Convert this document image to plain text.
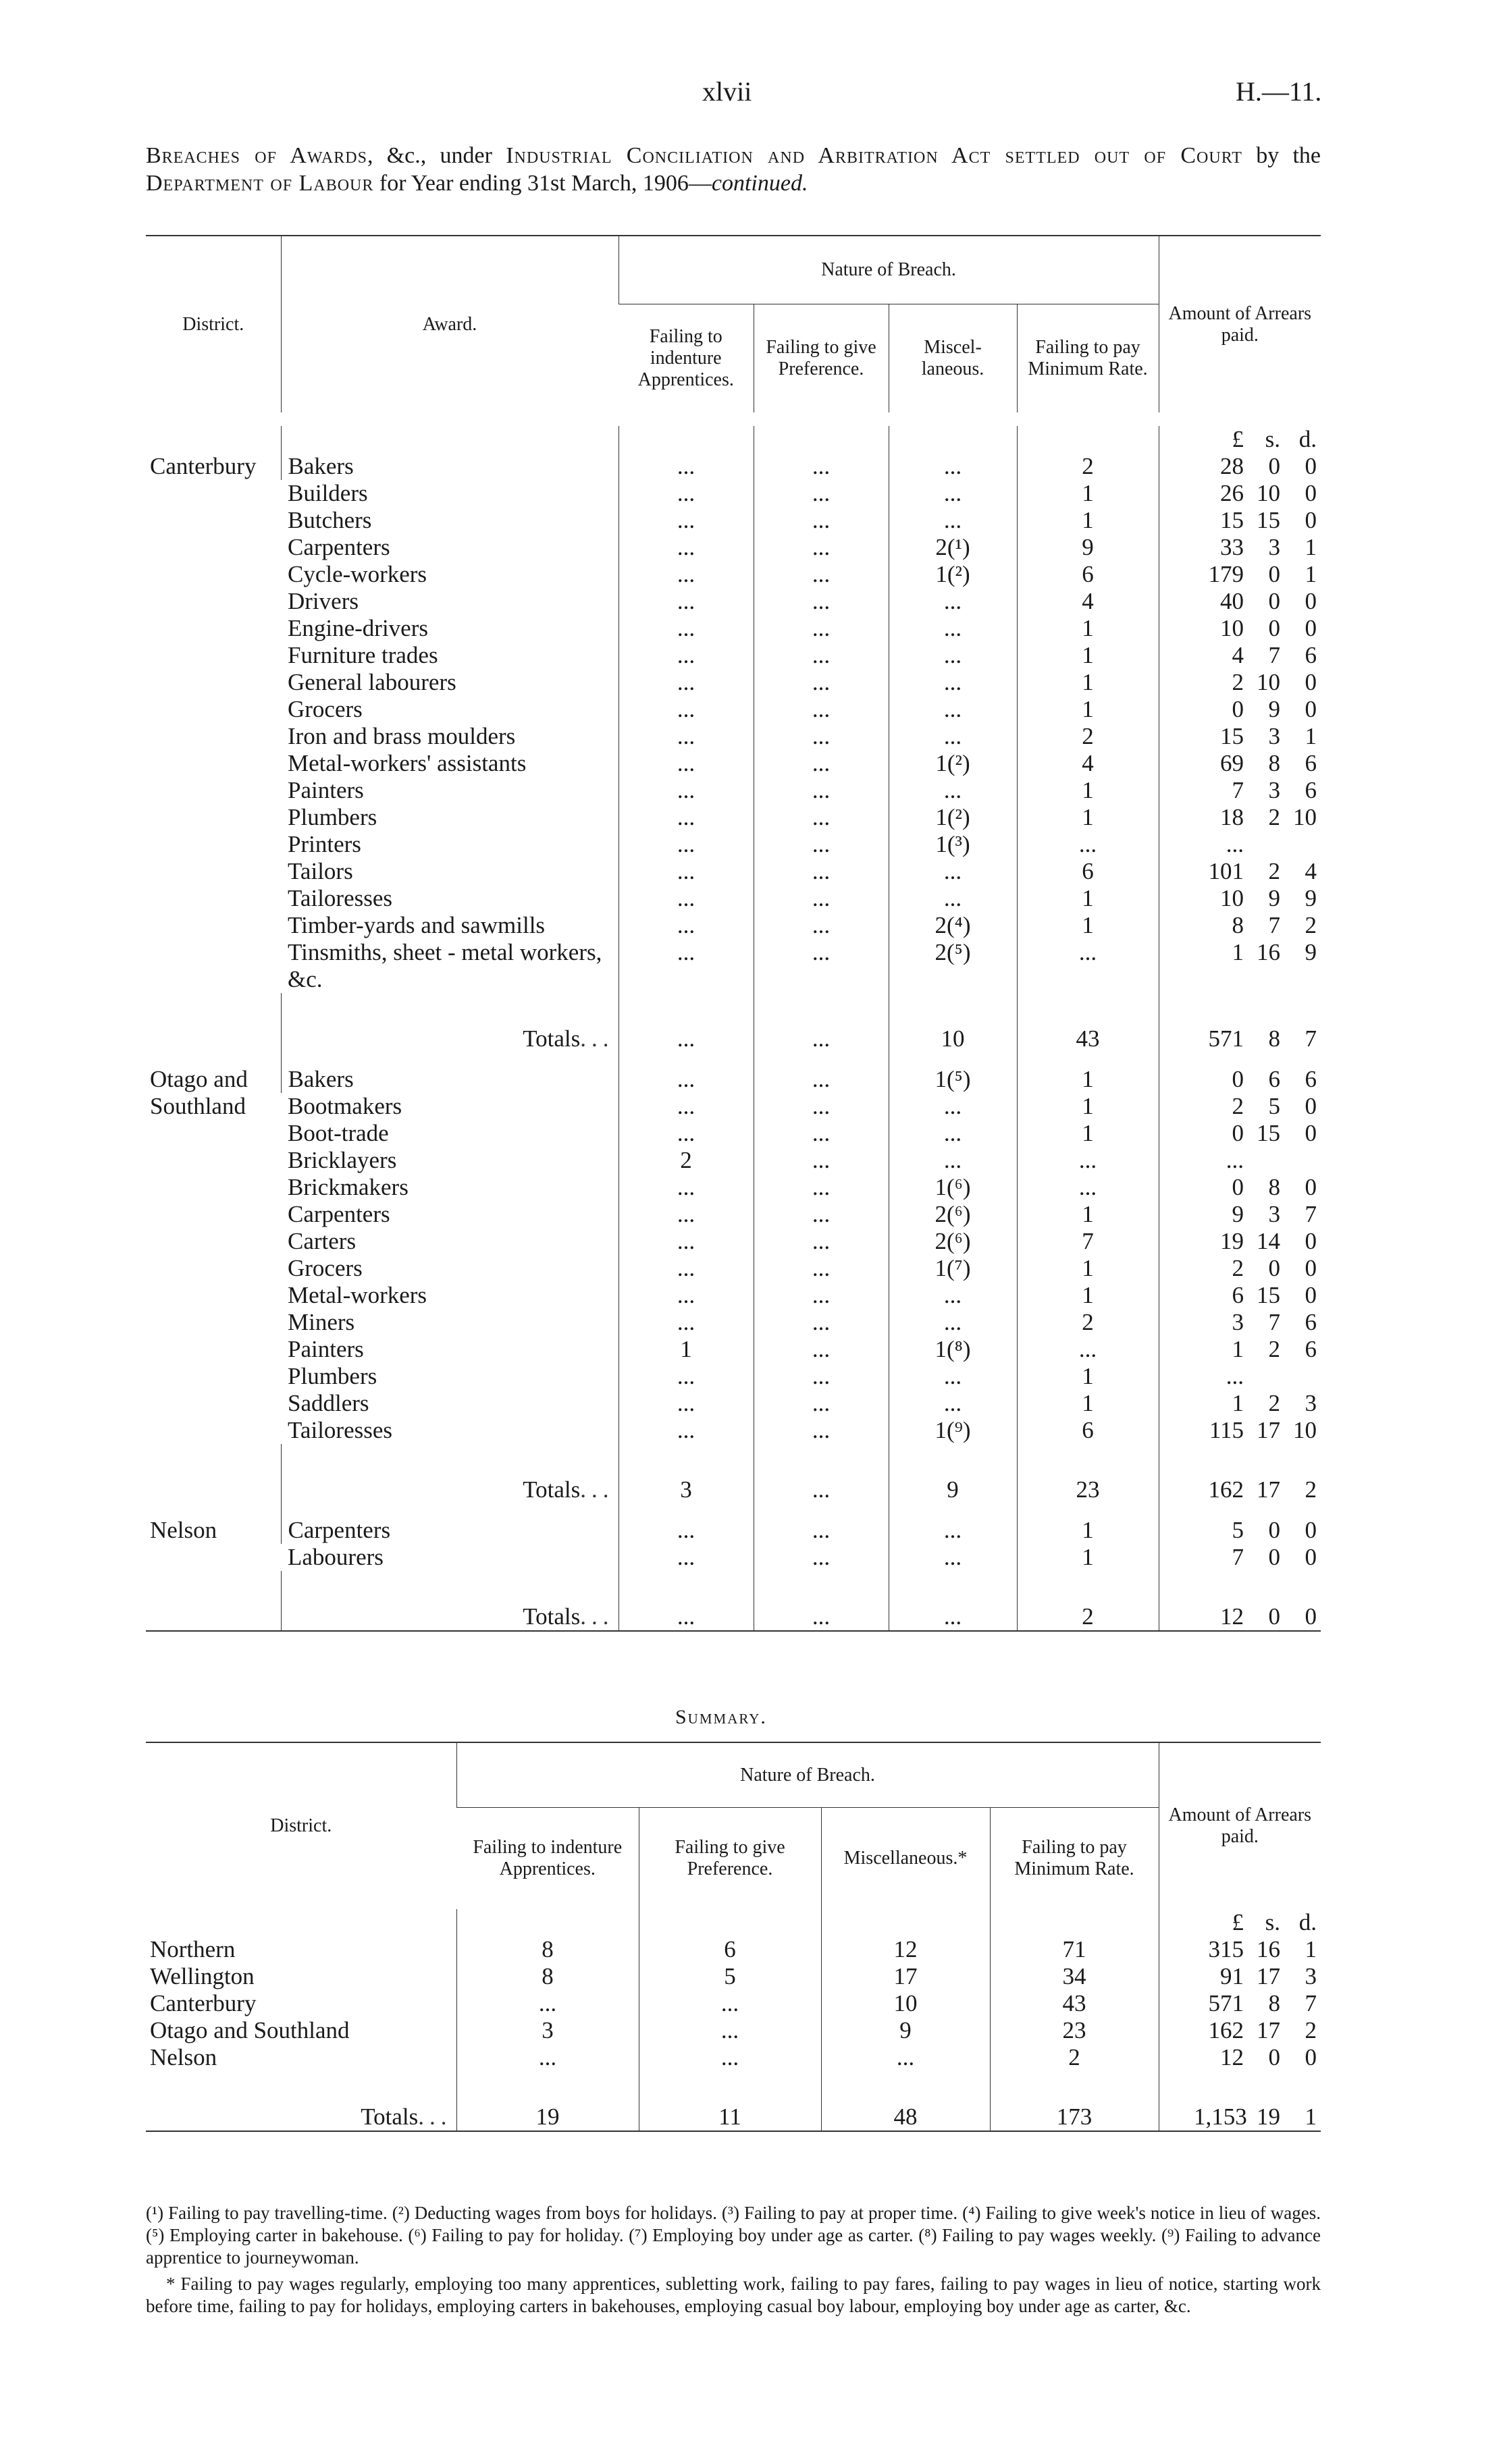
xlvii	H.—11.
Breaches of Awards, &c., under Industrial Conciliation and Arbitration Act settled out of Court by the Department of Labour for Year ending 31st March, 1906—continued.
District.	Award.	Nature of Breach.				Amount of Arrears paid.
		Failing to indenture Apprentices.	Failing to give Preference.	Miscel- laneous.	Failing to pay Minimum Rate.	

						£ s. d.
Canterbury	Bakers	...	...	...	2	28 0 0
	Builders	...	...	...	1	26 10 0
	Butchers	...	...	...	1	15 15 0
	Carpenters	...	...	2(¹)	9	33 3 1
	Cycle-workers	...	...	1(²)	6	179 0 1
	Drivers	...	...	...	4	40 0 0
	Engine-drivers	...	...	...	1	10 0 0
	Furniture trades	...	...	...	1	4 7 6
	General labourers	...	...	...	1	2 10 0
	Grocers	...	...	...	1	0 9 0
	Iron and brass moulders	...	...	...	2	15 3 1
	Metal-workers' assistants	...	...	1(²)	4	69 8 6
	Painters	...	...	...	1	7 3 6
	Plumbers	...	...	1(²)	1	18 2 10
	Printers	...	...	1(³)	...	...
	Tailors	...	...	...	6	101 2 4
	Tailoresses	...	...	...	1	10 9 9
	Timber-yards and sawmills	...	...	2(⁴)	1	8 7 2
	Tinsmiths, sheet - metal workers, &c.	...	...	2(⁵)	...	1 16 9

	Totals...	...	...	10	43	571 8 7

Otago and Southland	Bakers	...	...	1(⁵)	1	0 6 6
	Bootmakers	...	...	...	1	2 5 0
	Boot-trade	...	...	...	1	0 15 0
	Bricklayers	2	...	...	...	...
	Brickmakers	...	...	1(⁶)	...	0 8 0
	Carpenters	...	...	2(⁶)	1	9 3 7
	Carters	...	...	2(⁶)	7	19 14 0
	Grocers	...	...	1(⁷)	1	2 0 0
	Metal-workers	...	...	...	1	6 15 0
	Miners	...	...	...	2	3 7 6
	Painters	1	...	1(⁸)	...	1 2 6
	Plumbers	...	...	...	1	...
	Saddlers	...	...	...	1	1 2 3
	Tailoresses	...	...	1(⁹)	6	115 17 10

	Totals...	3	...	9	23	162 17 2

Nelson	Carpenters	...	...	...	1	5 0 0
	Labourers	...	...	...	1	7 0 0

	Totals...	...	...	...	2	12 0 0
Summary.
District.	Nature of Breach.				Amount of Arrears paid.
	Failing to indenture Apprentices.	Failing to give Preference.	Miscellaneous.*	Failing to pay Minimum Rate.	
					£ s. d.
Northern	8	6	12	71	315 16 1
Wellington	8	5	17	34	91 17 3
Canterbury	...	...	10	43	571 8 7
Otago and Southland	3	...	9	23	162 17 2
Nelson	...	...	...	2	12 0 0

Totals...	19	11	48	173	1,153 19 1

(¹) Failing to pay travelling-time. (²) Deducting wages from boys for holidays. (³) Failing to pay at proper time. (⁴) Failing to give week's notice in lieu of wages. (⁵) Employing carter in bakehouse. (⁶) Failing to pay for holiday. (⁷) Employing boy under age as carter. (⁸) Failing to pay wages weekly. (⁹) Failing to advance apprentice to journeywoman.

* Failing to pay wages regularly, employing too many apprentices, subletting work, failing to pay fares, failing to pay wages in lieu of notice, starting work before time, failing to pay for holidays, employing carters in bakehouses, employing casual boy labour, employing boy under age as carter, &c.
